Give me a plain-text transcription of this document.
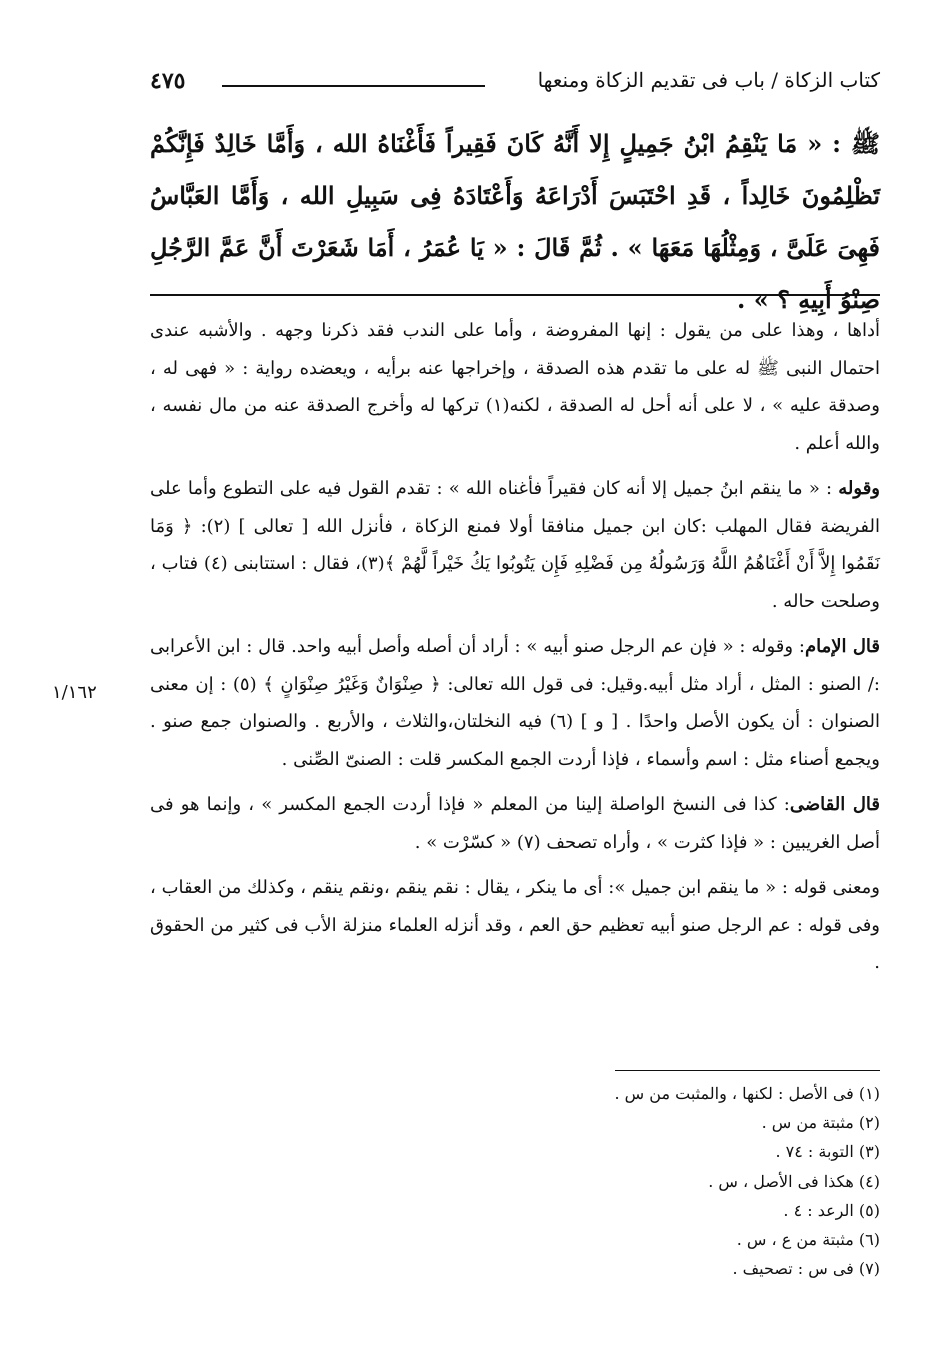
كتاب الزكاة / باب فى تقديم الزكاة ومنعها
٤٧٥
ﷺ : « مَا يَنْقِمُ ابْنُ جَمِيلٍ إِلا أَنَّهُ كَانَ فَقِيراً فَأَغْنَاهُ الله ، وَأَمَّا خَالِدٌ فَإِنَّكُمْ تَظْلِمُونَ خَالِداً ، قَدِ احْتَبَسَ أَدْرَاعَهُ وَأَعْتَادَهُ فِى سَبِيلِ الله ، وَأَمَّا العَبَّاسُ فَهِىَ عَلَىَّ ، وَمِثْلُهَا مَعَهَا » . ثُمَّ قَالَ : « يَا عُمَرُ ، أَمَا شَعَرْتَ أَنَّ عَمَّ الرَّجُلِ صِنْوُ أَبِيهِ ؟ » .

أداها ، وهذا على من يقول : إنها المفروضة ، وأما على الندب فقد ذكرنا وجهه . والأشبه عندى احتمال النبى ﷺ له على ما تقدم هذه الصدقة ، وإخراجها عنه برأيه ، ويعضده رواية : « فهى له ، وصدقة عليه » ، لا على أنه أحل له الصدقة ، لكنه(١) تركها له وأخرج الصدقة عنه من مال نفسه ، والله أعلم .

وقوله : « ما ينقم ابنُ جميل إلا أنه كان فقيراً فأغناه الله » : تقدم القول فيه على التطوع وأما على الفريضة فقال المهلب :كان ابن جميل منافقا أولا فمنع الزكاة ، فأنزل الله [ تعالى ] (٢): ﴿ وَمَا نَقَمُوا إِلاَّ أَنْ أَغْنَاهُمُ اللَّهُ وَرَسُولُهُ مِن فَضْلِهِ فَإِن يَتُوبُوا يَكُ خَيْراً لَّهُمْ ﴾(٣)، فقال : استتابنى (٤) فتاب ، وصلحت حاله .

قال الإمام: وقوله : « فإن عم الرجل صنو أبيه » : أراد أن أصله وأصل أبيه واحد. قال : ابن الأعرابى :/ الصنو : المثل ، أراد مثل أبيه.وقيل: فى قول الله تعالى: ﴿ صِنْوَانٌ وَغَيْرُ صِنْوَانٍ ﴾ (٥) : إن معنى الصنوان : أن يكون الأصل واحدًا . [ و ] (٦) فيه النخلتان،والثلاث ، والأربع . والصنوان جمع صنو . ويجمع أصناء مثل : اسم وأسماء ، فإذا أردت الجمع المكسر قلت : الصنىّ الصِّنى .

قال القاضى: كذا فى النسخ الواصلة إلينا من المعلم « فإذا أردت الجمع المكسر » ، وإنما هو فى أصل الغريبين : « فإذا كثرت » ، وأراه تصحف (٧) « كسّرْت » .

ومعنى قوله : « ما ينقم ابن جميل »: أى ما ينكر ، يقال : نقم ينقم ،ونقم ينقم ، وكذلك من العقاب ، وفى قوله : عم الرجل صنو أبيه تعظيم حق العم ، وقد أنزله العلماء منزلة الأب فى كثير من الحقوق .

١/١٦٢
(١) فى الأصل : لكنها ، والمثبت من س .
(٢) مثبتة من س .
(٣) التوبة : ٧٤ .
(٤) هكذا فى الأصل ، س .
(٥) الرعد : ٤ .
(٦) مثبتة من ع ، س .
(٧) فى س : تصحيف .
